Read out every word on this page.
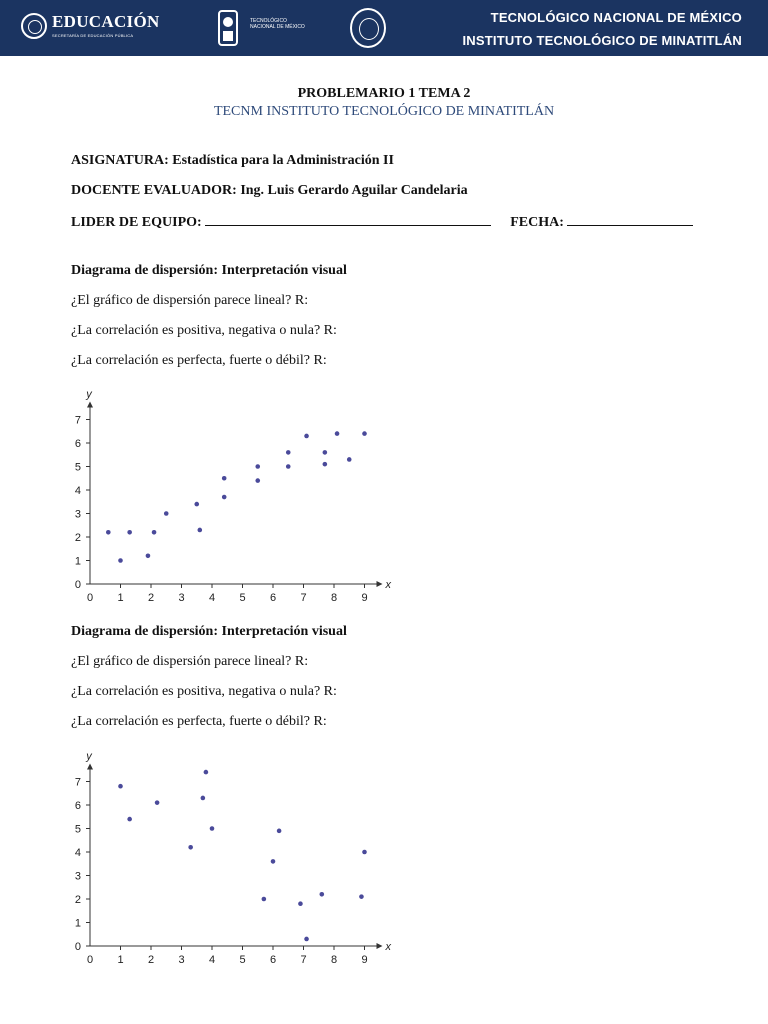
EDUCACIÓN
SECRETARÍA DE EDUCACIÓN PÚBLICA
TECNOLÓGICO
NACIONAL DE MÉXICO
TECNOLÓGICO NACIONAL DE MÉXICO
INSTITUTO TECNOLÓGICO DE MINATITLÁN
PROBLEMARIO 1 TEMA 2
TECNM INSTITUTO TECNOLÓGICO DE MINATITLÁN
ASIGNATURA: Estadística para la Administración II
DOCENTE EVALUADOR: Ing. Luis Gerardo Aguilar Candelaria
LIDER DE EQUIPO:	FECHA:
Diagrama de dispersión: Interpretación visual
¿El gráfico de dispersión parece lineal? R:
¿La correlación es positiva, negativa o nula? R:
¿La correlación es perfecta, fuerte o débil? R:
0 1 2 3 4 5 6 7 8 9
0
1
2
3
4
5
6
7
x
y
Diagrama de dispersión: Interpretación visual
¿El gráfico de dispersión parece lineal? R:
¿La correlación es positiva, negativa o nula? R:
¿La correlación es perfecta, fuerte o débil? R:
0 1 2 3 4 5 6 7 8 9
0
1
2
3
4
5
6
7
x
y
